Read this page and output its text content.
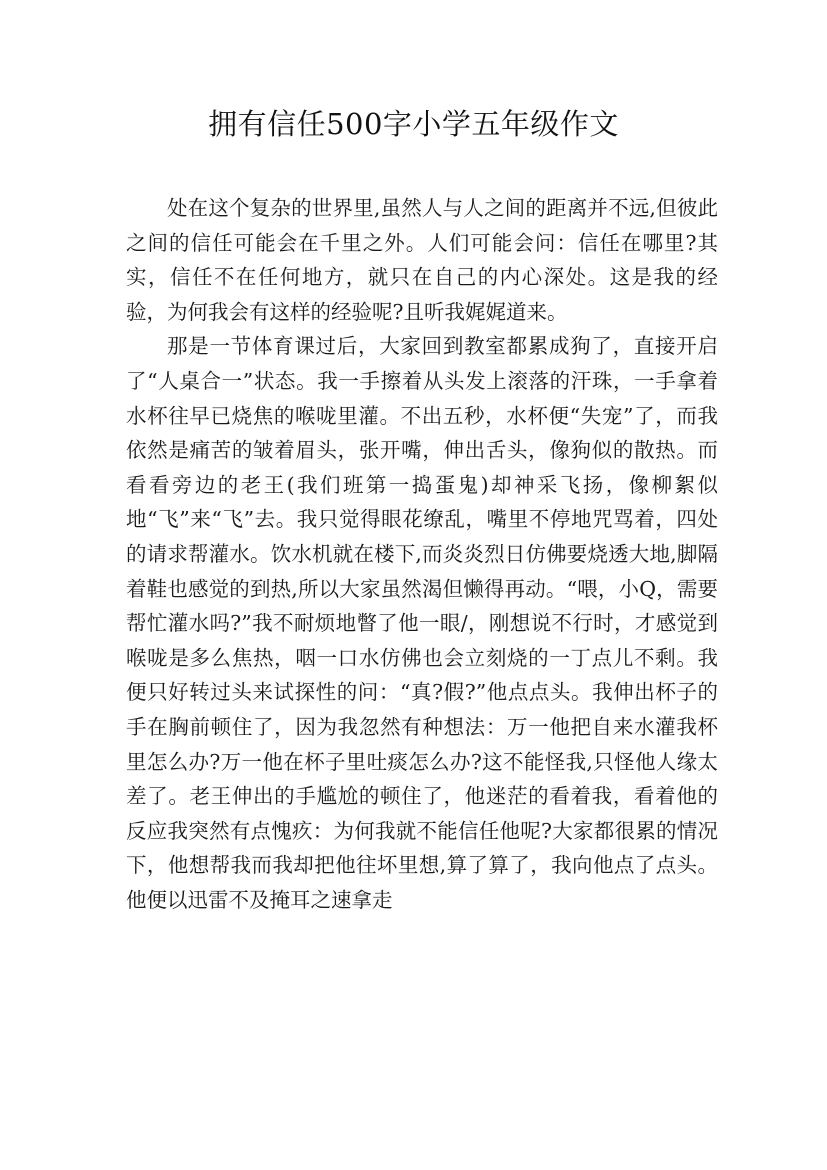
拥有信任500字小学五年级作文

处在这个复杂的世界里,虽然人与人之间的距离并不远,但彼此之间的信任可能会在千里之外。人们可能会问：信任在哪里?其实，信任不在任何地方，就只在自己的内心深处。这是我的经验，为何我会有这样的经验呢?且听我娓娓道来。

那是一节体育课过后，大家回到教室都累成狗了，直接开启了“人桌合一”状态。我一手擦着从头发上滚落的汗珠，一手拿着水杯往早已烧焦的喉咙里灌。不出五秒，水杯便“失宠”了，而我依然是痛苦的皱着眉头，张开嘴，伸出舌头，像狗似的散热。而看看旁边的老王(我们班第一捣蛋鬼)却神采飞扬，像柳絮似地“飞”来“飞”去。我只觉得眼花缭乱，嘴里不停地咒骂着，四处的请求帮灌水。饮水机就在楼下,而炎炎烈日仿佛要烧透大地,脚隔着鞋也感觉的到热,所以大家虽然渴但懒得再动。“喂，小Q，需要帮忙灌水吗?”我不耐烦地瞥了他一眼/，刚想说不行时，才感觉到喉咙是多么焦热，咽一口水仿佛也会立刻烧的一丁点儿不剩。我便只好转过头来试探性的问：“真?假?”他点点头。我伸出杯子的手在胸前顿住了，因为我忽然有种想法：万一他把自来水灌我杯里怎么办?万一他在杯子里吐痰怎么办?这不能怪我,只怪他人缘太差了。老王伸出的手尴尬的顿住了，他迷茫的看着我，看着他的反应我突然有点愧疚：为何我就不能信任他呢?大家都很累的情况下，他想帮我而我却把他往坏里想,算了算了，我向他点了点头。他便以迅雷不及掩耳之速拿走
